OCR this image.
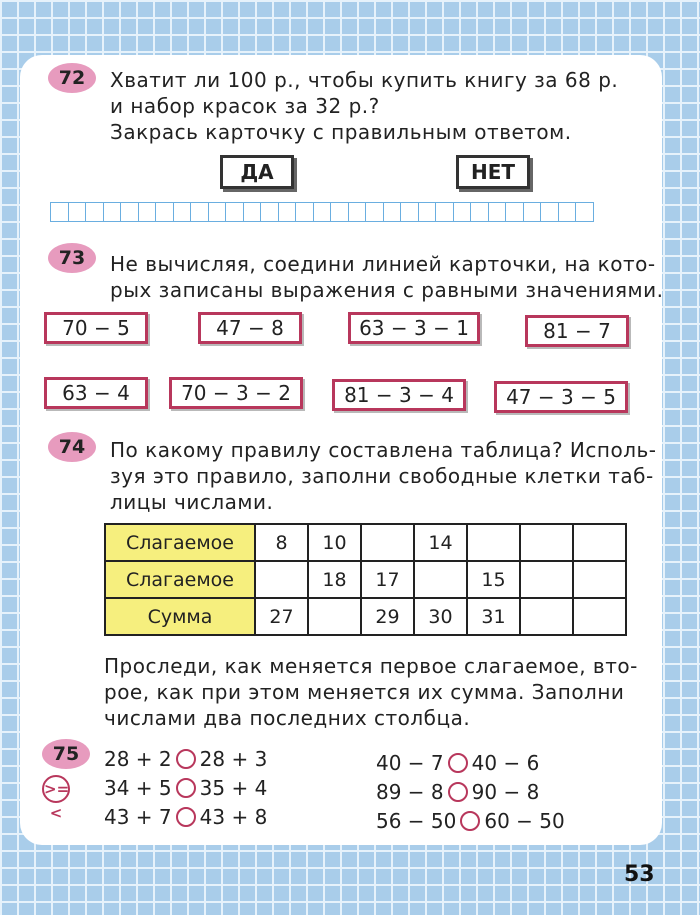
72	Хватит ли 100 р., чтобы купить книгу за 68 р.
и набор красок за 32 р.?
Закрась карточку с правильным ответом.
ДА	НЕТ
73	Не вычисляя, соедини линией карточки, на кото-
рых записаны выражения с равными значениями.
70 − 5	47 − 8	63 − 3 − 1	81 − 7
63 − 4	70 − 3 − 2	81 − 3 − 4	47 − 3 − 5
74	По какому правилу составлена таблица? Исполь-
зуя это правило, заполни свободные клетки таб-
лицы числами.
Слагаемое	8	10		14			
Слагаемое		18	17		15		
Сумма	27		29	30	31		
Проследи, как меняется первое слагаемое, вто-
рое, как при этом меняется их сумма. Заполни
числами два последних столбца.
75
>=<
28 + 2 28 + 3
34 + 5 35 + 4
43 + 7 43 + 8
40 − 7 40 − 6
89 − 8 90 − 8
56 − 50 60 − 50
53
